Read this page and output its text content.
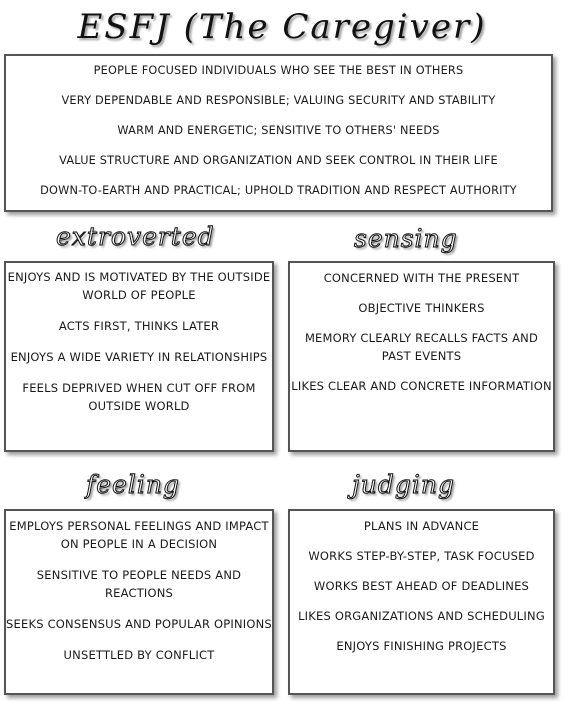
ESFJ (The Caregiver)

PEOPLE FOCUSED INDIVIDUALS WHO SEE THE BEST IN OTHERS

VERY DEPENDABLE AND RESPONSIBLE; VALUING SECURITY AND STABILITY

WARM AND ENERGETIC; SENSITIVE TO OTHERS' NEEDS

VALUE STRUCTURE AND ORGANIZATION AND SEEK CONTROL IN THEIR LIFE

DOWN-TO-EARTH AND PRACTICAL; UPHOLD TRADITION AND RESPECT AUTHORITY

extroverted	sensing

ENJOYS AND IS MOTIVATED BY THE OUTSIDE WORLD OF PEOPLE

ACTS FIRST, THINKS LATER

ENJOYS A WIDE VARIETY IN RELATIONSHIPS

FEELS DEPRIVED WHEN CUT OFF FROM OUTSIDE WORLD

CONCERNED WITH THE PRESENT

OBJECTIVE THINKERS

MEMORY CLEARLY RECALLS FACTS AND PAST EVENTS

LIKES CLEAR AND CONCRETE INFORMATION

feeling	judging

EMPLOYS PERSONAL FEELINGS AND IMPACT ON PEOPLE IN A DECISION

SENSITIVE TO PEOPLE NEEDS AND REACTIONS

SEEKS CONSENSUS AND POPULAR OPINIONS

UNSETTLED BY CONFLICT

PLANS IN ADVANCE

WORKS STEP-BY-STEP, TASK FOCUSED

WORKS BEST AHEAD OF DEADLINES

LIKES ORGANIZATIONS AND SCHEDULING

ENJOYS FINISHING PROJECTS
